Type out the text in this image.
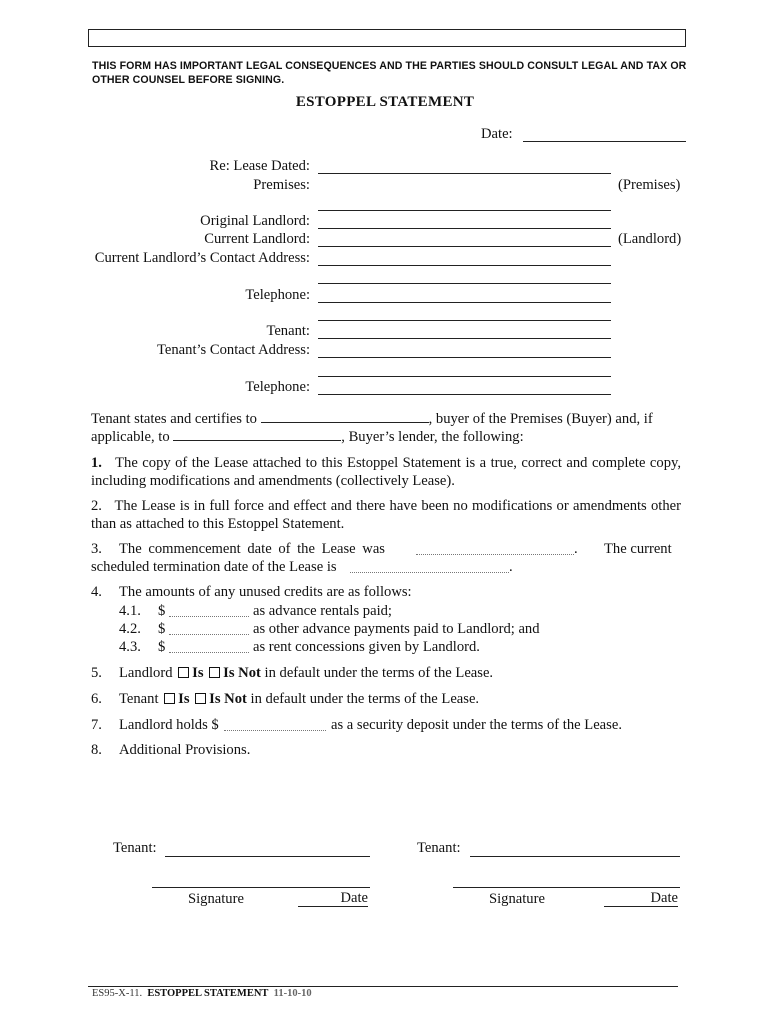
THIS FORM HAS IMPORTANT LEGAL CONSEQUENCES AND THE PARTIES SHOULD CONSULT LEGAL AND TAX OR OTHER COUNSEL BEFORE SIGNING.
ESTOPPEL STATEMENT
Date:
Re: Lease Dated:
Premises:	(Premises)
Original Landlord:
Current Landlord:	(Landlord)
Current Landlord’s Contact Address:
Telephone:
Tenant:
Tenant’s Contact Address:
Telephone:
Tenant states and certifies to	, buyer of the Premises (Buyer) and, if
applicable, to	, Buyer’s lender, the following:
1. The copy of the Lease attached to this Estoppel Statement is a true, correct and complete copy, including modifications and amendments (collectively Lease).
2. The Lease is in full force and effect and there have been no modifications or amendments other than as attached to this Estoppel Statement.
3. The commencement date of the Lease was	. The current
scheduled termination date of the Lease is	.
4. The amounts of any unused credits are as follows:
4.1. $	as advance rentals paid;
4.2. $	as other advance payments paid to Landlord; and
4.3. $	as rent concessions given by Landlord.
5. Landlord Is Is Not in default under the terms of the Lease.
6. Tenant Is Is Not in default under the terms of the Lease.
7. Landlord holds $	as a security deposit under the terms of the Lease.
8. Additional Provisions.
Tenant:	Tenant:
Signature	Date	Signature	Date
ES95-X-11. ESTOPPEL STATEMENT 11-10-10
